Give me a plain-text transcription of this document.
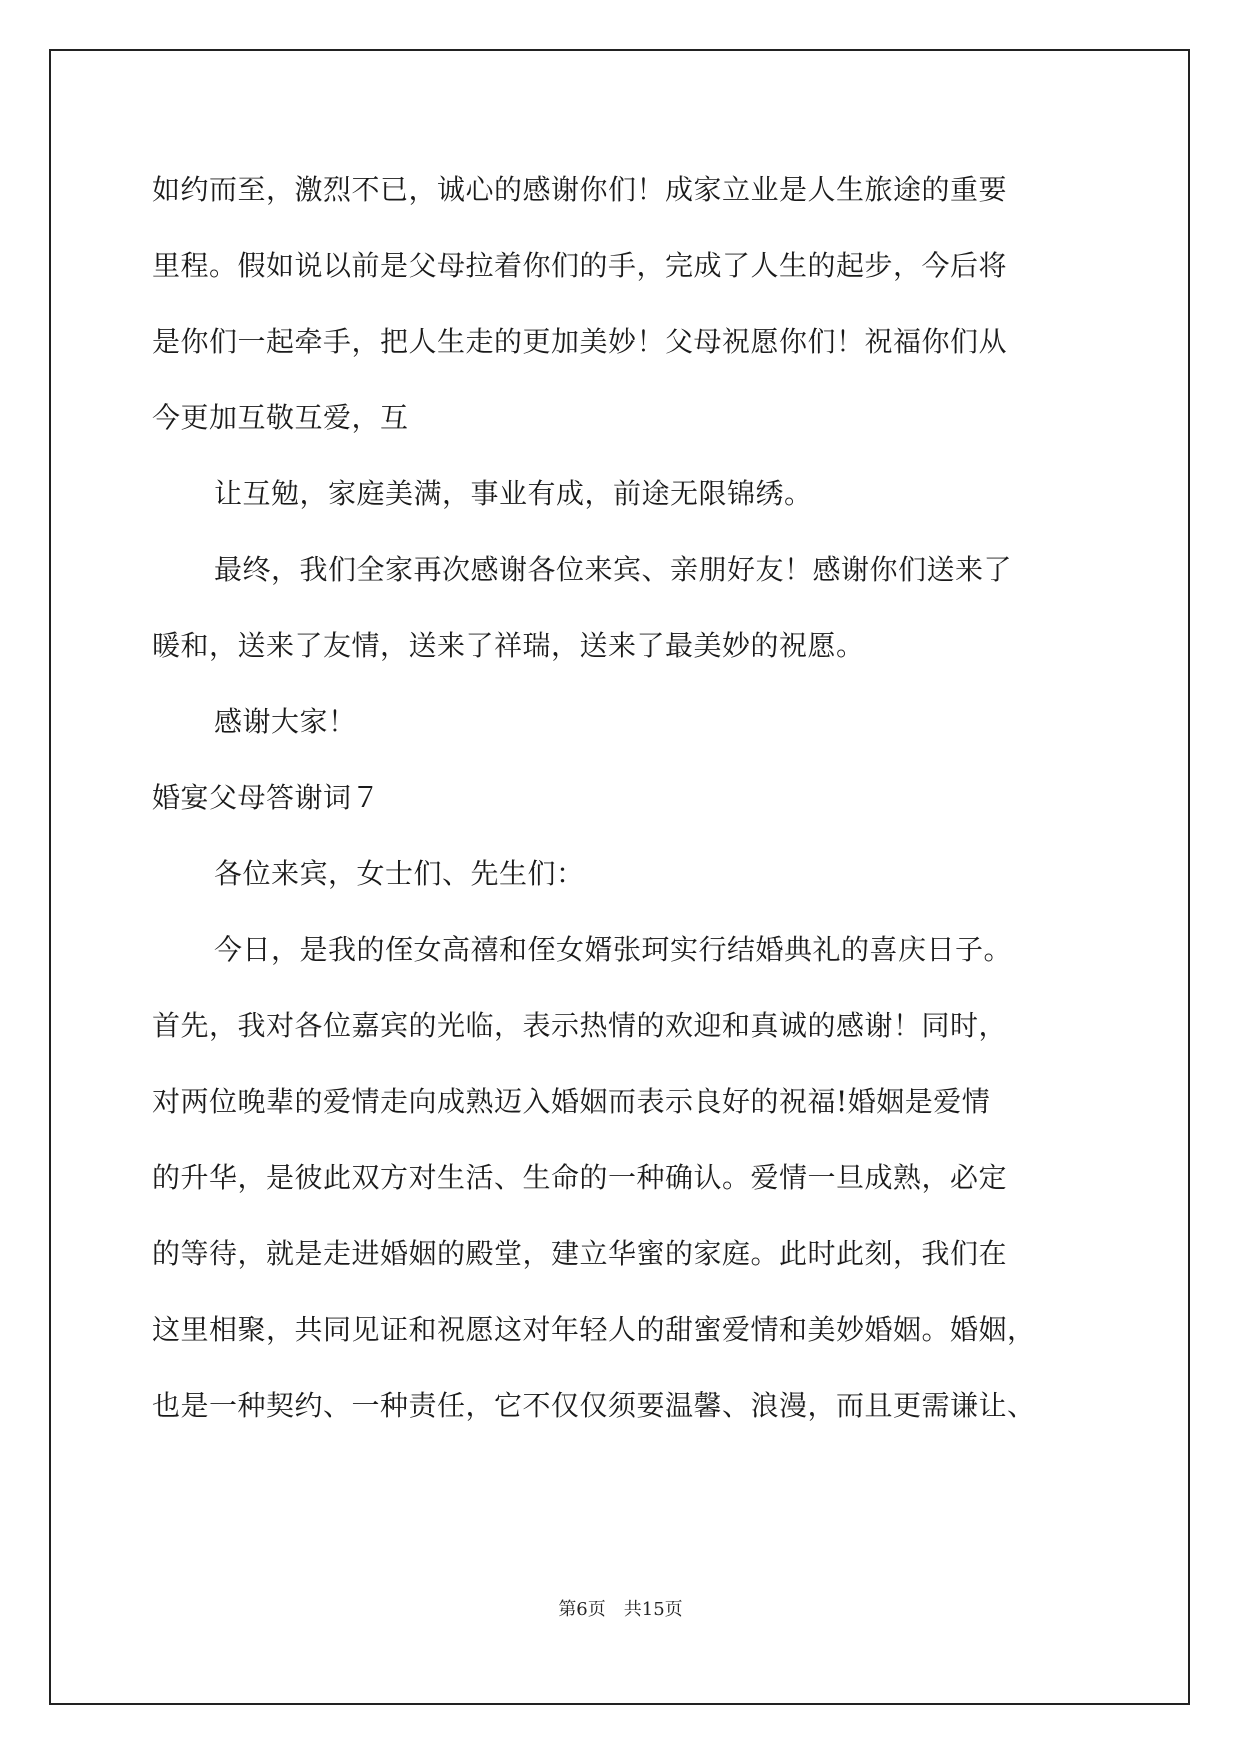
如约而至，激烈不已，诚心的感谢你们！成家立业是人生旅途的重要
里程。假如说以前是父母拉着你们的手，完成了人生的起步，今后将
是你们一起牵手，把人生走的更加美妙！父母祝愿你们！祝福你们从
今更加互敬互爱，互
让互勉，家庭美满，事业有成，前途无限锦绣。
最终，我们全家再次感谢各位来宾、亲朋好友！感谢你们送来了
暖和，送来了友情，送来了祥瑞，送来了最美妙的祝愿。
感谢大家！
婚宴父母答谢词７
各位来宾，女士们、先生们：
今日，是我的侄女高禧和侄女婿张珂实行结婚典礼的喜庆日子。
首先，我对各位嘉宾的光临，表示热情的欢迎和真诚的感谢！同时，
对两位晚辈的爱情走向成熟迈入婚姻而表示良好的祝福!婚姻是爱情
的升华，是彼此双方对生活、生命的一种确认。爱情一旦成熟，必定
的等待，就是走进婚姻的殿堂，建立华蜜的家庭。此时此刻，我们在
这里相聚，共同见证和祝愿这对年轻人的甜蜜爱情和美妙婚姻。婚姻，
也是一种契约、一种责任，它不仅仅须要温馨、浪漫，而且更需谦让、
第6页 共15页
